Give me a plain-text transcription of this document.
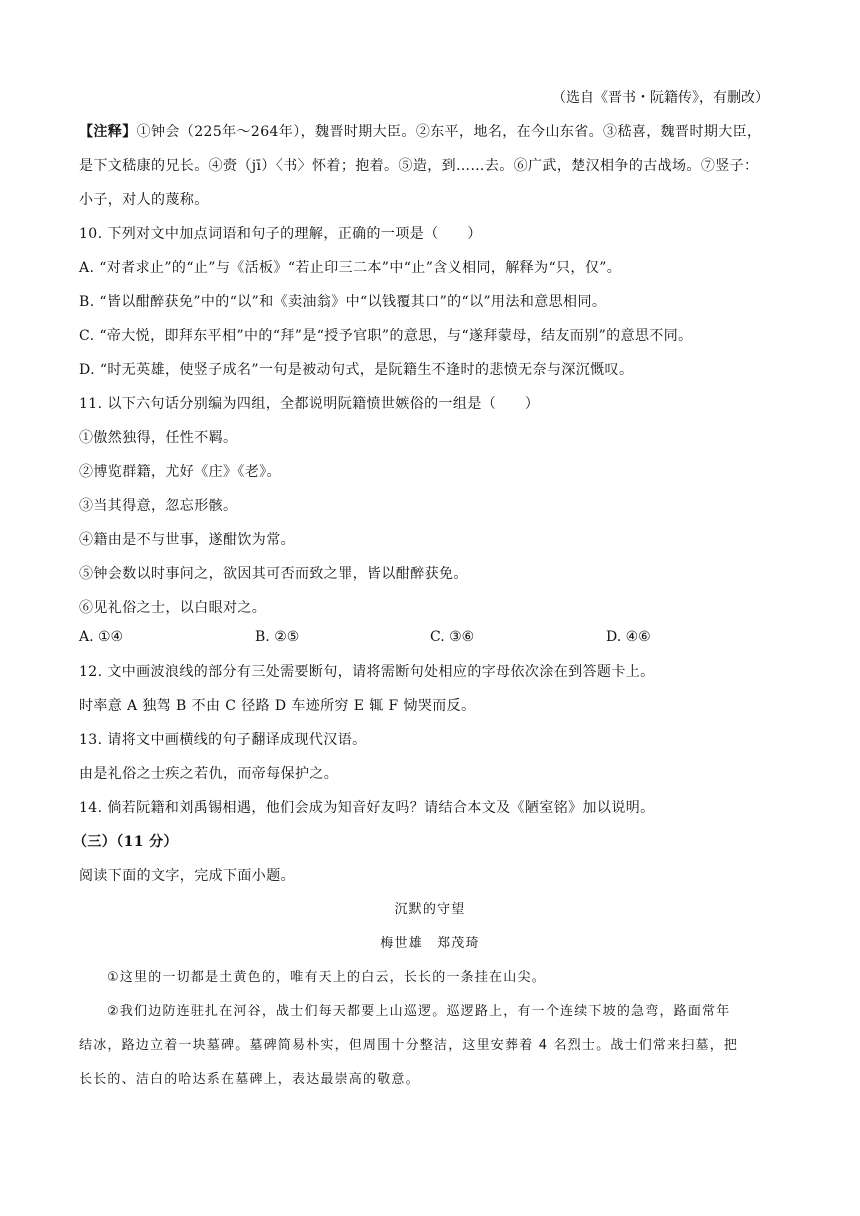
（选自《晋书・阮籍传》，有删改）
【注释】①钟会（225年～264年），魏晋时期大臣。②东平，地名，在今山东省。③嵇喜，魏晋时期大臣，
是下文嵇康的兄长。④赍（jī）〈书〉怀着；抱着。⑤造，到……去。⑥广武，楚汉相争的古战场。⑦竖子：
小子，对人的蔑称。
10. 下列对文中加点词语和句子的理解，正确的一项是（　　）
A. “对者求止”的“止”与《活板》“若止印三二本”中“止”含义相同，解释为“只，仅”。
B. “皆以酣醉获免”中的“以”和《卖油翁》中“以钱覆其口”的“以”用法和意思相同。
C. “帝大悦，即拜东平相”中的“拜”是“授予官职”的意思，与“遂拜蒙母，结友而别”的意思不同。
D. “时无英雄，使竖子成名”一句是被动句式，是阮籍生不逢时的悲愤无奈与深沉慨叹。
11. 以下六句话分别编为四组，全都说明阮籍愤世嫉俗的一组是（　　）
①傲然独得，任性不羁。
②博览群籍，尤好《庄》《老》。
③当其得意，忽忘形骸。
④籍由是不与世事，遂酣饮为常。
⑤钟会数以时事问之，欲因其可否而致之罪，皆以酣醉获免。
⑥见礼俗之士，以白眼对之。
A. ①④	B. ②⑤	C. ③⑥	D. ④⑥
12. 文中画波浪线的部分有三处需要断句，请将需断句处相应的字母依次涂在到答题卡上。
时率意 A 独驾 B 不由 C 径路 D 车迹所穷 E 辄 F 恸哭而反。
13. 请将文中画横线的句子翻译成现代汉语。
由是礼俗之士疾之若仇，而帝每保护之。
14. 倘若阮籍和刘禹锡相遇，他们会成为知音好友吗？请结合本文及《陋室铭》加以说明。
（三）（11 分）
阅读下面的文字，完成下面小题。
沉默的守望
梅世雄　郑茂琦
①这里的一切都是土黄色的，唯有天上的白云，长长的一条挂在山尖。
②我们边防连驻扎在河谷，战士们每天都要上山巡逻。巡逻路上，有一个连续下坡的急弯，路面常年
结冰，路边立着一块墓碑。墓碑简易朴实，但周围十分整洁，这里安葬着 4 名烈士。战士们常来扫墓，把
长长的、洁白的哈达系在墓碑上，表达最崇高的敬意。
